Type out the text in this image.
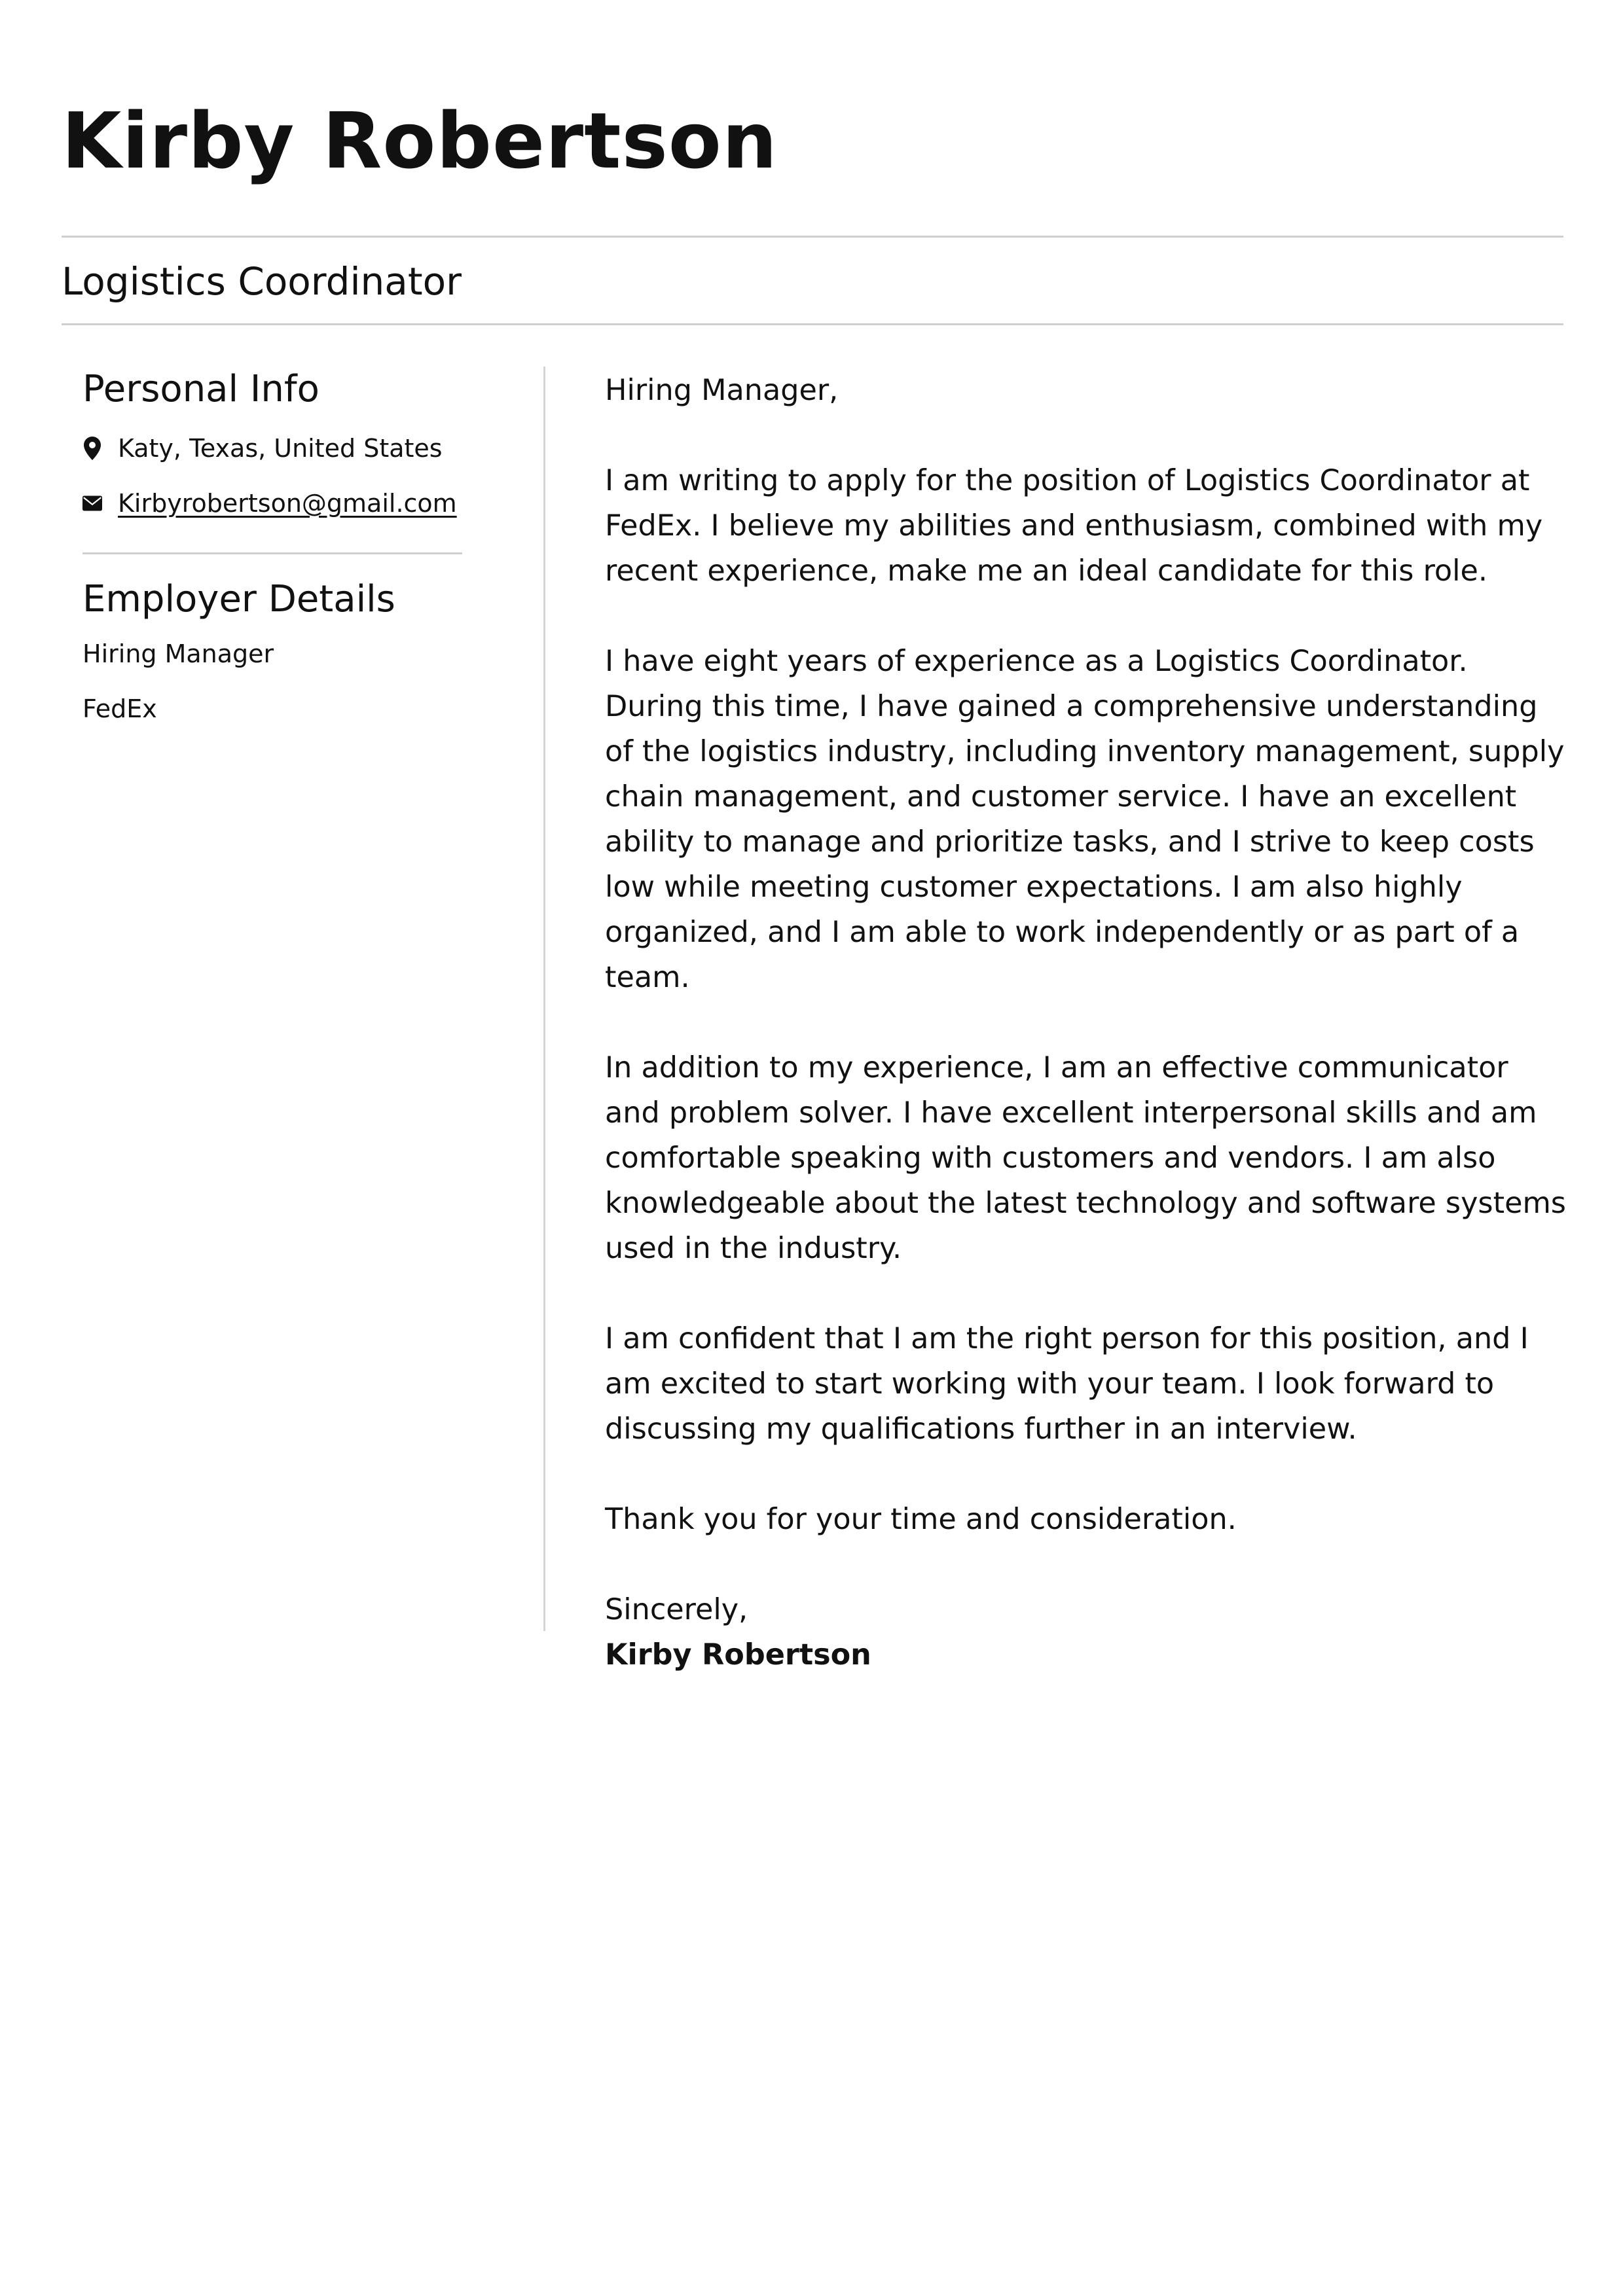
Kirby Robertson
Logistics Coordinator
Personal Info
Katy, Texas, United States
Kirbyrobertson@gmail.com
Employer Details
Hiring Manager
FedEx

Hiring Manager,

I am writing to apply for the position of Logistics Coordinator at FedEx. I believe my abilities and enthusiasm, combined with my recent experience, make me an ideal candidate for this role.

I have eight years of experience as a Logistics Coordinator. During this time, I have gained a comprehensive understanding of the logistics industry, including inventory management, supply chain management, and customer service. I have an excellent ability to manage and prioritize tasks, and I strive to keep costs low while meeting customer expectations. I am also highly organized, and I am able to work independently or as part of a team.

In addition to my experience, I am an effective communicator and problem solver. I have excellent interpersonal skills and am comfortable speaking with customers and vendors. I am also knowledgeable about the latest technology and software systems used in the industry.

I am confident that I am the right person for this position, and I am excited to start working with your team. I look forward to discussing my qualifications further in an interview.

Thank you for your time and consideration.

Sincerely,
Kirby Robertson
